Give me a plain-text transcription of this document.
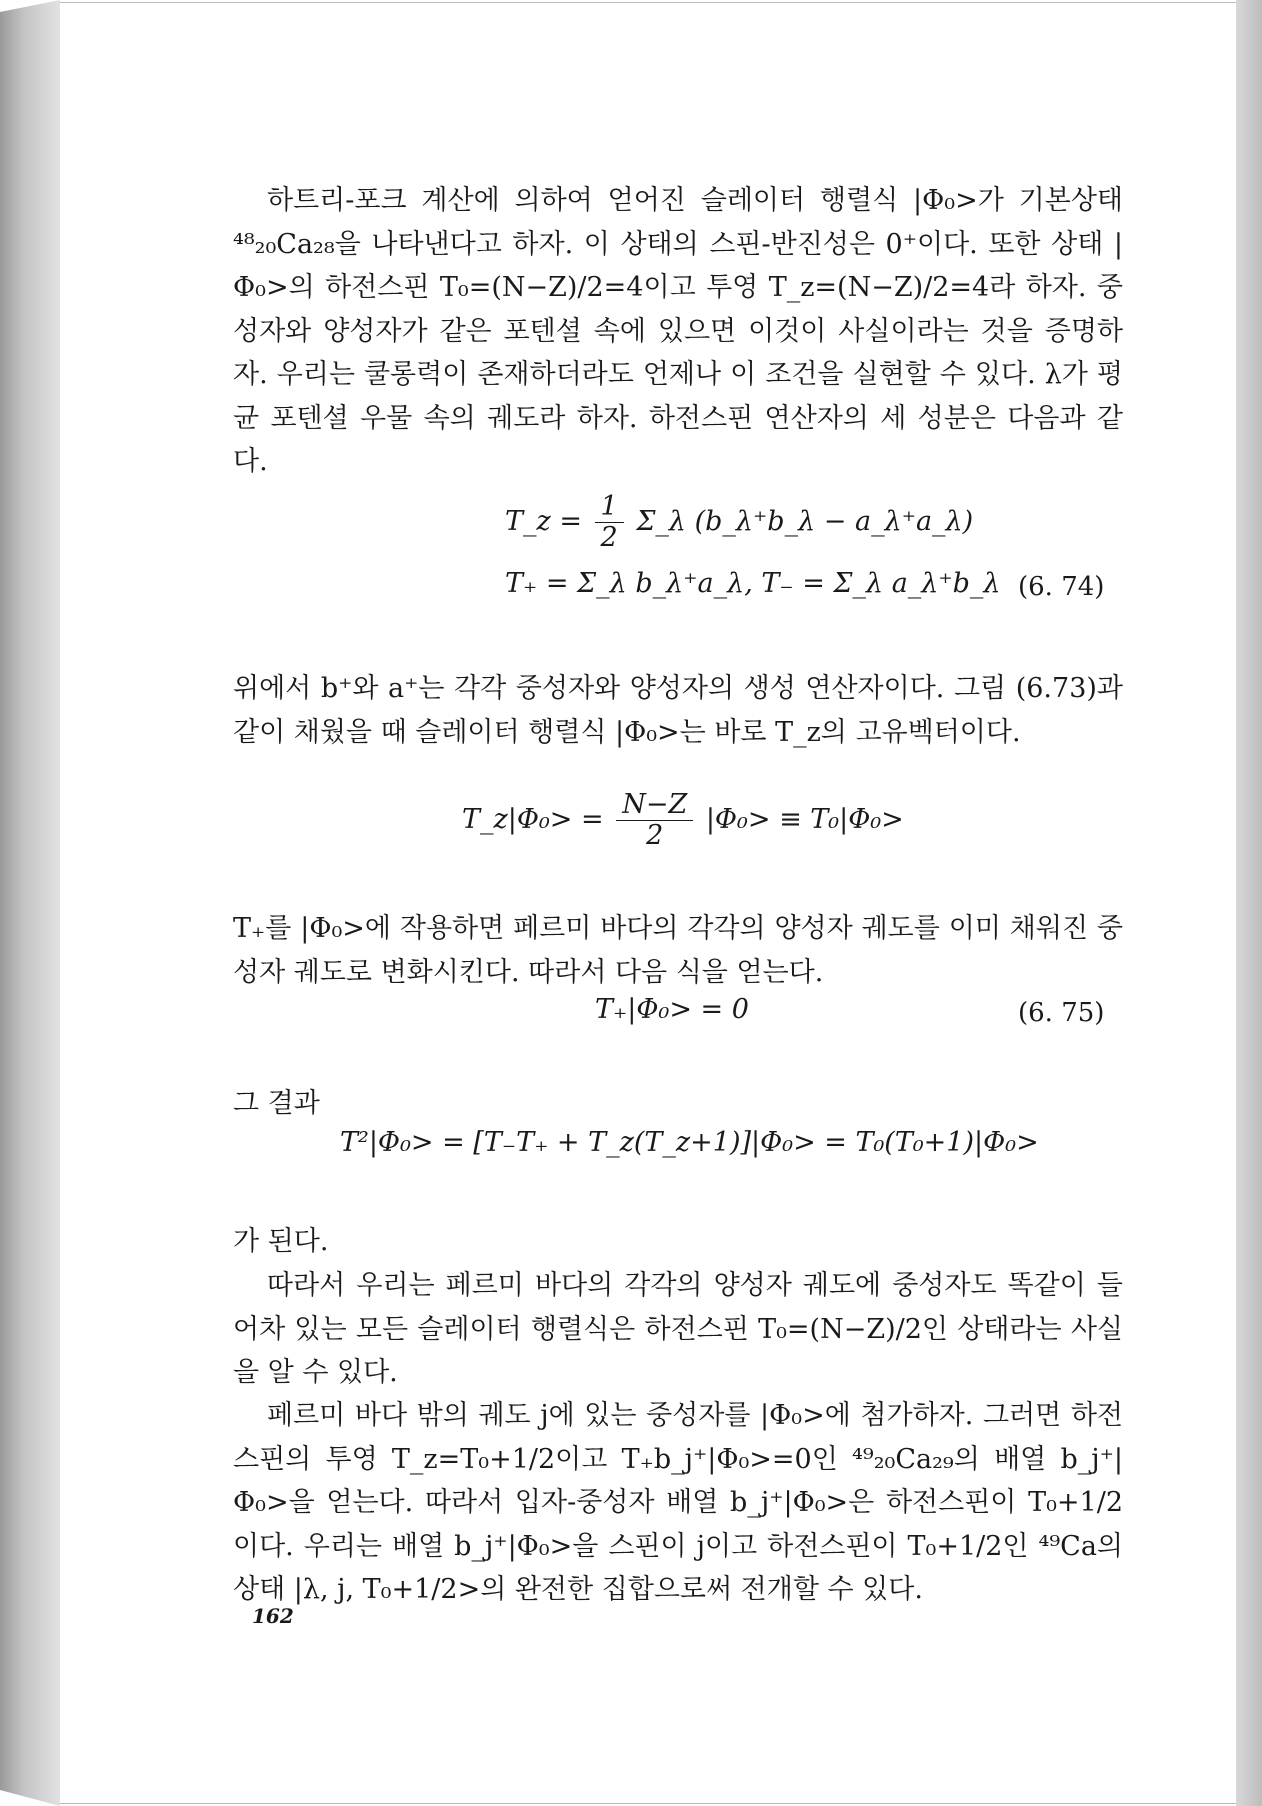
하트리-포크 계산에 의하여 얻어진 슬레이터 행렬식 |Φ₀>가 기본상태 ⁴⁸₂₀Ca₂₈을 나타낸다고 하자. 이 상태의 스핀-반진성은 0⁺이다. 또한 상태 |Φ₀>의 하전스핀 T₀=(N−Z)/2=4이고 투영 T_z=(N−Z)/2=4라 하자. 중성자와 양성자가 같은 포텐셜 속에 있으면 이것이 사실이라는 것을 증명하자. 우리는 쿨롱력이 존재하더라도 언제나 이 조건을 실현할 수 있다. λ가 평균 포텐셜 우물 속의 궤도라 하자. 하전스핀 연산자의 세 성분은 다음과 같다.

T_z = $\frac{1}{2}$ Σ_λ (b_λ⁺b_λ − a_λ⁺a_λ)
T₊ = Σ_λ b_λ⁺a_λ, T₋ = Σ_λ a_λ⁺b_λ (6. 74)

위에서 b⁺와 a⁺는 각각 중성자와 양성자의 생성 연산자이다. 그림 (6.73)과 같이 채웠을 때 슬레이터 행렬식 |Φ₀>는 바로 T_z의 고유벡터이다.

T_z|Φ₀> = $\frac{N-Z}{2} |\Phi_0> \equiv T_0|\Phi_0>$

T₊를 |Φ₀>에 작용하면 페르미 바다의 각각의 양성자 궤도를 이미 채워진 중성자 궤도로 변화시킨다. 따라서 다음 식을 얻는다.

T₊|Φ₀> = 0	(6. 75)

그 결과

T²|Φ₀> = [T₋T₊ + T_z(T_z+1)]|Φ₀> = T₀(T₀+1)|Φ₀>

가 된다.

따라서 우리는 페르미 바다의 각각의 양성자 궤도에 중성자도 똑같이 들어차 있는 모든 슬레이터 행렬식은 하전스핀 T₀=(N−Z)/2인 상태라는 사실을 알 수 있다.

페르미 바다 밖의 궤도 j에 있는 중성자를 |Φ₀>에 첨가하자. 그러면 하전스핀의 투영 T_z=T₀+1/2이고 T₊b_j⁺|Φ₀>=0인 ⁴⁹₂₀Ca₂₉의 배열 b_j⁺|Φ₀>을 얻는다. 따라서 입자-중성자 배열 b_j⁺|Φ₀>은 하전스핀이 T₀+1/2이다. 우리는 배열 b_j⁺|Φ₀>을 스핀이 j이고 하전스핀이 T₀+1/2인 ⁴⁹Ca의 상태 |λ, j, T₀+1/2>의 완전한 집합으로써 전개할 수 있다.

162
